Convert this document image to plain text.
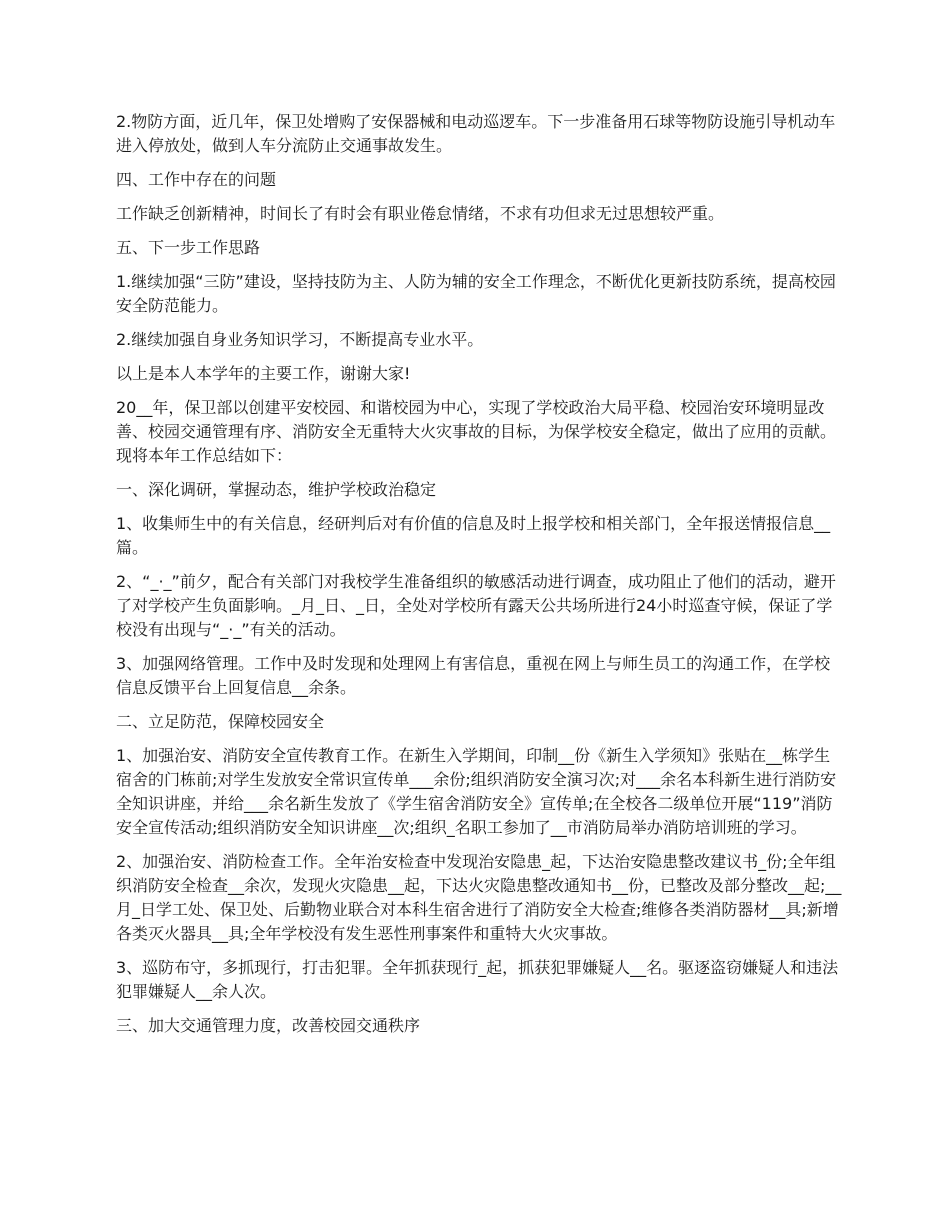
2.物防方面，近几年，保卫处增购了安保器械和电动巡逻车。下一步准备用石球等物防设施引导机动车进入停放处，做到人车分流防止交通事故发生。

四、工作中存在的问题

工作缺乏创新精神，时间长了有时会有职业倦怠情绪，不求有功但求无过思想较严重。

五、下一步工作思路

1.继续加强“三防”建设，坚持技防为主、人防为辅的安全工作理念，不断优化更新技防系统，提高校园安全防范能力。

2.继续加强自身业务知识学习，不断提高专业水平。

以上是本人本学年的主要工作，谢谢大家!

20__年，保卫部以创建平安校园、和谐校园为中心，实现了学校政治大局平稳、校园治安环境明显改善、校园交通管理有序、消防安全无重特大火灾事故的目标，为保学校安全稳定，做出了应用的贡献。现将本年工作总结如下：

一、深化调研，掌握动态，维护学校政治稳定

1、收集师生中的有关信息，经研判后对有价值的信息及时上报学校和相关部门，全年报送情报信息__篇。

2、“_·_”前夕，配合有关部门对我校学生准备组织的敏感活动进行调查，成功阻止了他们的活动，避开了对学校产生负面影响。_月_日、_日，全处对学校所有露天公共场所进行24小时巡查守候，保证了学校没有出现与“_·_”有关的活动。

3、加强网络管理。工作中及时发现和处理网上有害信息，重视在网上与师生员工的沟通工作，在学校信息反馈平台上回复信息__余条。

二、立足防范，保障校园安全

1、加强治安、消防安全宣传教育工作。在新生入学期间，印制__份《新生入学须知》张贴在__栋学生宿舍的门栋前;对学生发放安全常识宣传单___余份;组织消防安全演习次;对___余名本科新生进行消防安全知识讲座，并给___余名新生发放了《学生宿舍消防安全》宣传单;在全校各二级单位开展“119”消防安全宣传活动;组织消防安全知识讲座__次;组织_名职工参加了__市消防局举办消防培训班的学习。

2、加强治安、消防检查工作。全年治安检查中发现治安隐患_起，下达治安隐患整改建议书_份;全年组织消防安全检查__余次，发现火灾隐患__起，下达火灾隐患整改通知书__份，已整改及部分整改__起;__月_日学工处、保卫处、后勤物业联合对本科生宿舍进行了消防安全大检查;维修各类消防器材__具;新增各类灭火器具__具;全年学校没有发生恶性刑事案件和重特大火灾事故。

3、巡防布守，多抓现行，打击犯罪。全年抓获现行_起，抓获犯罪嫌疑人__名。驱逐盗窃嫌疑人和违法犯罪嫌疑人__余人次。

三、加大交通管理力度，改善校园交通秩序
